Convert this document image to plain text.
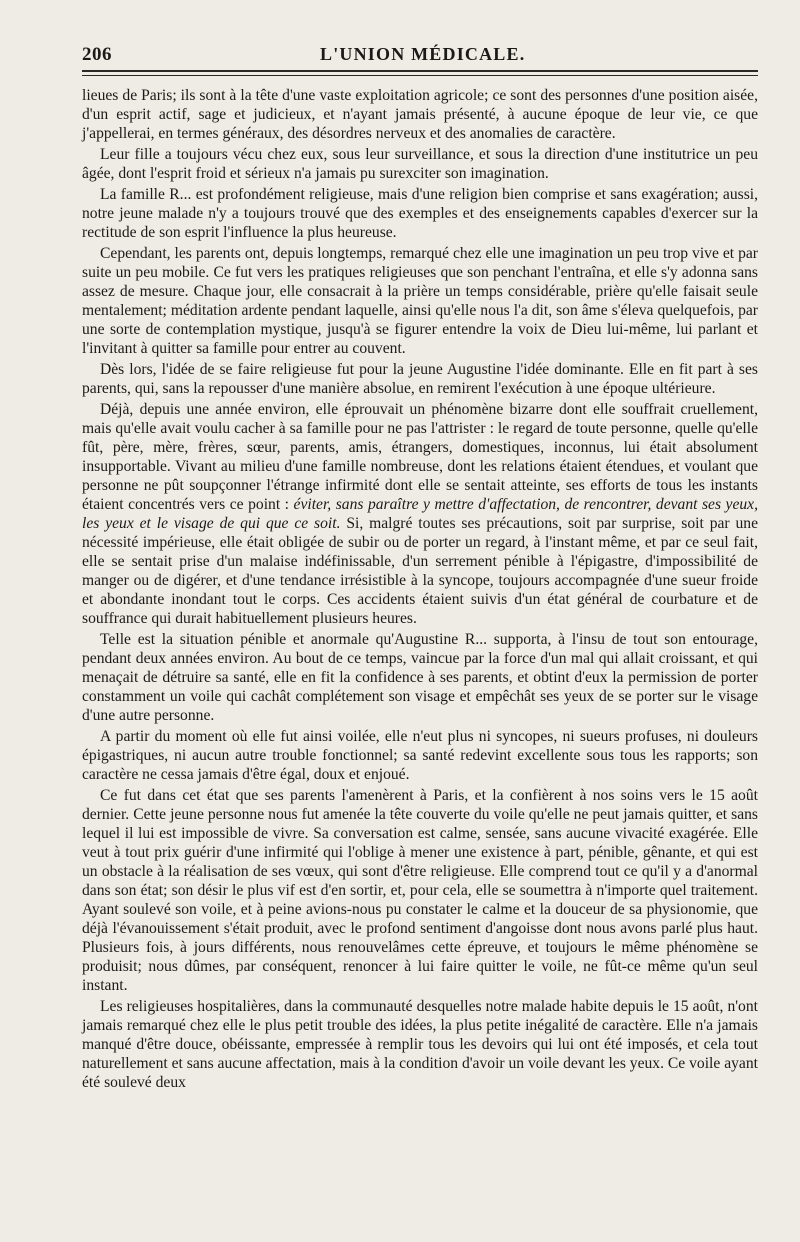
206	L'UNION MÉDICALE.

lieues de Paris; ils sont à la tête d'une vaste exploitation agricole; ce sont des personnes d'une position aisée, d'un esprit actif, sage et judicieux, et n'ayant jamais présenté, à aucune époque de leur vie, ce que j'appellerai, en termes généraux, des désordres nerveux et des anomalies de caractère.

Leur fille a toujours vécu chez eux, sous leur surveillance, et sous la direction d'une institutrice un peu âgée, dont l'esprit froid et sérieux n'a jamais pu surexciter son imagination.

La famille R... est profondément religieuse, mais d'une religion bien comprise et sans exagération; aussi, notre jeune malade n'y a toujours trouvé que des exemples et des enseignements capables d'exercer sur la rectitude de son esprit l'influence la plus heureuse.

Cependant, les parents ont, depuis longtemps, remarqué chez elle une imagination un peu trop vive et par suite un peu mobile. Ce fut vers les pratiques religieuses que son penchant l'entraîna, et elle s'y adonna sans assez de mesure. Chaque jour, elle consacrait à la prière un temps considérable, prière qu'elle faisait seule mentalement; méditation ardente pendant laquelle, ainsi qu'elle nous l'a dit, son âme s'éleva quelquefois, par une sorte de contemplation mystique, jusqu'à se figurer entendre la voix de Dieu lui-même, lui parlant et l'invitant à quitter sa famille pour entrer au couvent.

Dès lors, l'idée de se faire religieuse fut pour la jeune Augustine l'idée dominante. Elle en fit part à ses parents, qui, sans la repousser d'une manière absolue, en remirent l'exécution à une époque ultérieure.

Déjà, depuis une année environ, elle éprouvait un phénomène bizarre dont elle souffrait cruellement, mais qu'elle avait voulu cacher à sa famille pour ne pas l'attrister : le regard de toute personne, quelle qu'elle fût, père, mère, frères, sœur, parents, amis, étrangers, domestiques, inconnus, lui était absolument insupportable. Vivant au milieu d'une famille nombreuse, dont les relations étaient étendues, et voulant que personne ne pût soupçonner l'étrange infirmité dont elle se sentait atteinte, ses efforts de tous les instants étaient concentrés vers ce point : éviter, sans paraître y mettre d'affectation, de rencontrer, devant ses yeux, les yeux et le visage de qui que ce soit. Si, malgré toutes ses précautions, soit par surprise, soit par une nécessité impérieuse, elle était obligée de subir ou de porter un regard, à l'instant même, et par ce seul fait, elle se sentait prise d'un malaise indéfinissable, d'un serrement pénible à l'épigastre, d'impossibilité de manger ou de digérer, et d'une tendance irrésistible à la syncope, toujours accompagnée d'une sueur froide et abondante inondant tout le corps. Ces accidents étaient suivis d'un état général de courbature et de souffrance qui durait habituellement plusieurs heures.

Telle est la situation pénible et anormale qu'Augustine R... supporta, à l'insu de tout son entourage, pendant deux années environ. Au bout de ce temps, vaincue par la force d'un mal qui allait croissant, et qui menaçait de détruire sa santé, elle en fit la confidence à ses parents, et obtint d'eux la permission de porter constamment un voile qui cachât complétement son visage et empêchât ses yeux de se porter sur le visage d'une autre personne.

A partir du moment où elle fut ainsi voilée, elle n'eut plus ni syncopes, ni sueurs profuses, ni douleurs épigastriques, ni aucun autre trouble fonctionnel; sa santé redevint excellente sous tous les rapports; son caractère ne cessa jamais d'être égal, doux et enjoué.

Ce fut dans cet état que ses parents l'amenèrent à Paris, et la confièrent à nos soins vers le 15 août dernier. Cette jeune personne nous fut amenée la tête couverte du voile qu'elle ne peut jamais quitter, et sans lequel il lui est impossible de vivre. Sa conversation est calme, sensée, sans aucune vivacité exagérée. Elle veut à tout prix guérir d'une infirmité qui l'oblige à mener une existence à part, pénible, gênante, et qui est un obstacle à la réalisation de ses vœux, qui sont d'être religieuse. Elle comprend tout ce qu'il y a d'anormal dans son état; son désir le plus vif est d'en sortir, et, pour cela, elle se soumettra à n'importe quel traitement. Ayant soulevé son voile, et à peine avions-nous pu constater le calme et la douceur de sa physionomie, que déjà l'évanouissement s'était produit, avec le profond sentiment d'angoisse dont nous avons parlé plus haut. Plusieurs fois, à jours différents, nous renouvelâmes cette épreuve, et toujours le même phénomène se produisit; nous dûmes, par conséquent, renoncer à lui faire quitter le voile, ne fût-ce même qu'un seul instant.

Les religieuses hospitalières, dans la communauté desquelles notre malade habite depuis le 15 août, n'ont jamais remarqué chez elle le plus petit trouble des idées, la plus petite inégalité de caractère. Elle n'a jamais manqué d'être douce, obéissante, empressée à remplir tous les devoirs qui lui ont été imposés, et cela tout naturellement et sans aucune affectation, mais à la condition d'avoir un voile devant les yeux. Ce voile ayant été soulevé deux
